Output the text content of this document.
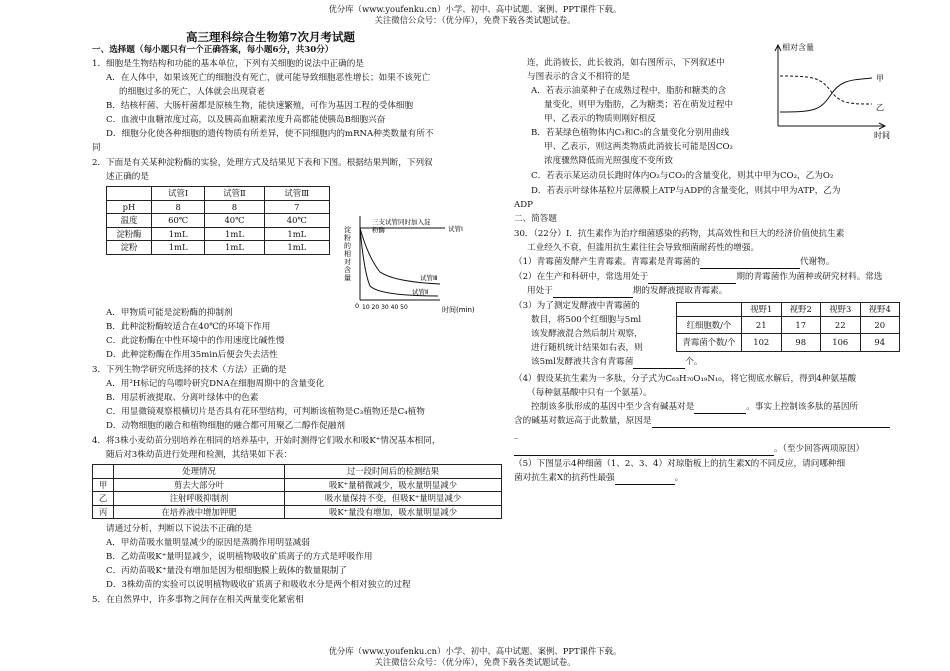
优分库（www.youfenku.cn）小学、初中、高中试题、案例、PPT课件下载。
关注微信公众号：（优分库），免费下载各类试题试卷。
高三理科综合生物第7次月考试题
一、选择题（每小题只有一个正确答案，每小题6分，共30分）
1．细胞是生物结构和功能的基本单位，下列有关细胞的说法中正确的是
A．在人体中，如果该死亡的细胞没有死亡，就可能导致细胞恶性增长；如果不该死亡
的细胞过多的死亡，人体就会出现衰老
B．结核杆菌、大肠杆菌都是原核生物，能快速繁殖，可作为基因工程的受体细胞
C．血液中血糖浓度过高，以及胰高血糖素浓度升高都能使胰岛B细胞兴奋
D．细胞分化使各种细胞的遗传物质有所差异，使不同细胞内的mRNA种类数量有所不
同
2．下面是有关某种淀粉酶的实验，处理方式及结果见下表和下图。根据结果判断，下列叙
述正确的是
	试管Ⅰ	试管Ⅱ	试管Ⅲ
pH	8	8	7
温度	60℃	40℃	40℃
淀粉酶	1mL	1mL	1mL
淀粉	1mL	1mL	1mL
淀粉的相对含量
三支试管同时加入淀
粉酶	试管Ⅰ
试管Ⅲ
试管Ⅱ
0 10 20 30 40 50	时间(min)
A．甲物质可能是淀粉酶的抑制剂
B．此种淀粉酶较适合在40℃的环境下作用
C．此淀粉酶在中性环境中的作用速度比碱性慢
D．此种淀粉酶在作用35min后便会失去活性
3．下列生物学研究所选择的技术（方法）正确的是
A．用³H标记的鸟嘌呤研究DNA在细胞周期中的含量变化
B．用层析液提取、分离叶绿体中的色素
C．用显微镜观察根横切片是否具有花环型结构，可判断该植物是C₃植物还是C₄植物
D．动物细胞的融合和植物细胞的融合都可用聚乙二醇作促融剂
4．将3株小麦幼苗分别培养在相同的培养基中，开始时测得它们吸水和吸K⁺情况基本相同，
随后对3株幼苗进行处理和检测，其结果如下表：
	处理情况	过一段时间后的检测结果
甲	剪去大部分叶	吸K⁺量稍微减少，吸水量明显减少
乙	注射呼吸抑制剂	吸水量保持不变，但吸K⁺量明显减少
丙	在培养液中增加钾肥	吸K⁺量没有增加，吸水量明显减少
请通过分析，判断以下说法不正确的是
A．甲幼苗吸水量明显减少的原因是蒸腾作用明显减弱
B．乙幼苗吸K⁺量明显减少，说明植物吸收矿质离子的方式是呼吸作用
C．丙幼苗吸K⁺量没有增加是因为根细胞膜上载体的数量限制了
D．3株幼苗的实验可以说明植物吸收矿质离子和吸收水分是两个相对独立的过程
5．在自然界中，许多事物之间存在相关两量变化紧密相
连，此消彼长，此长彼消，如右图所示，下列叙述中
与图表示的含义不相符的是
相对含量
甲
乙
时间
A．若表示油菜种子在成熟过程中，脂肪和糖类的含
量变化，则甲为脂肪，乙为糖类；若在萌发过程中
甲、乙表示的物质则刚好相反
B．若某绿色植物体内C₃和C₅的含量变化分别用曲线
甲、乙表示，则这两类物质此消彼长可能是因CO₂
浓度骤然降低而光照强度不变所致
C．若表示某运动员长跑时体内O₂与CO₂的含量变化，则其中甲为CO₂，乙为O₂
D．若表示叶绿体基粒片层薄膜上ATP与ADP的含量变化，则其中甲为ATP，乙为
ADP
二、简答题
30．（22分）Ⅰ．抗生素作为治疗细菌感染的药物，其高效性和巨大的经济价值使抗生素
工业经久不衰，但滥用抗生素往往会导致细菌耐药性的增强。
（1）青霉菌发酵产生青霉素。青霉素是青霉菌的	代谢物。
（2）在生产和科研中，常选用处于	期的青霉菌作为菌种或研究材料。常选
用处于	期的发酵液提取青霉素。
（3）为了测定发酵液中青霉菌的
数目，将500个红细胞与5ml
该发酵液混合然后制片观察，
进行随机统计结果如右表，则
该5ml发酵液共含有青霉菌	个。
	视野1	视野2	视野3	视野4
红细胞数/个	21	17	22	20
青霉菌个数/个	102	98	106	94
（4）假设某抗生素为一多肽，分子式为C₆₃H₇₀O₁₉N₁₀，将它彻底水解后，得到4种氨基酸
（每种氨基酸中只有一个氨基）。
控制该多肽形成的基因中至少含有碱基对是	。事实上控制该多肽的基因所
含的碱基对数远高于此数量，原因是
_
。（至少回答两项原因）
（5）下图显示4种细菌（1、2、3、4）对琼脂板上的抗生素X的不同反应，请问哪种细
菌对抗生素X的抗药性最强	。
优分库（www.youfenku.cn）小学、初中、高中试题、案例、PPT课件下载。
关注微信公众号：（优分库），免费下载各类试题试卷。
